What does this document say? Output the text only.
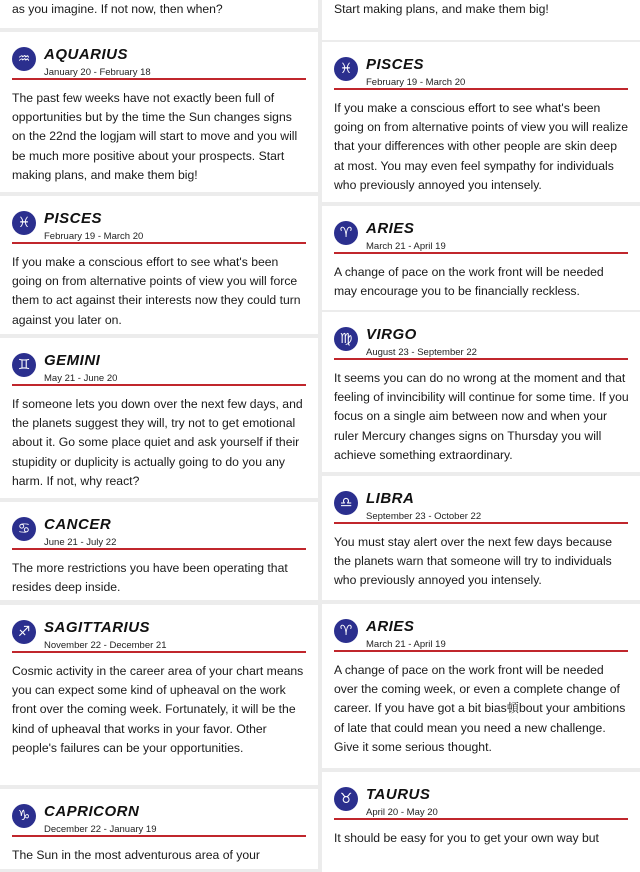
as you imagine. If not now, then when?
♒ AQUARIUS
January 20 - February 18
The past few weeks have not exactly been full of opportunities but by the time the Sun changes signs on the 22nd the logjam will start to move and you will be much more positive about your prospects. Start making plans, and make them big!
♓ PISCES
February 19 - March 20
If you make a conscious effort to see what's been going on from alternative points of view you will force them to act against their interests now they could turn against you later on.
♊ GEMINI
May 21 - June 20
If someone lets you down over the next few days, and the planets suggest they will, try not to get emotional about it. Go some place quiet and ask yourself if their stupidity or duplicity is actually going to do you any harm. If not, why react?
♋ CANCER
June 21 - July 22
The more restrictions you have been operating that resides deep inside.
♐ SAGITTARIUS
November 22 - December 21
Cosmic activity in the career area of your chart means you can expect some kind of upheaval on the work front over the coming week. Fortunately, it will be the kind of upheaval that works in your favor. Other people's failures can be your opportunities.
♑ CAPRICORN
December 22 - January 19
The Sun in the most adventurous area of your
Start making plans, and make them big!
♓ PISCES
February 19 - March 20
If you make a conscious effort to see what's been going on from alternative points of view you will realize that your differences with other people are skin deep at most. You may even feel sympathy for individuals who previously annoyed you intensely.
♈ ARIES
March 21 - April 19
A change of pace on the work front will be needed may encourage you to be financially reckless.
♍ VIRGO
August 23 - September 22
It seems you can do no wrong at the moment and that feeling of invincibility will continue for some time. If you focus on a single aim between now and when your ruler Mercury changes signs on Thursday you will achieve something extraordinary.
♎ LIBRA
September 23 - October 22
You must stay alert over the next few days because the planets warn that someone will try to individuals who previously annoyed you intensely.
♈ ARIES
March 21 - April 19
A change of pace on the work front will be needed over the coming week, or even a complete change of career. If you have got a bit bias頓bout your ambitions of late that could mean you need a new challenge. Give it some serious thought.
♉ TAURUS
April 20 - May 20
It should be easy for you to get your own way but
